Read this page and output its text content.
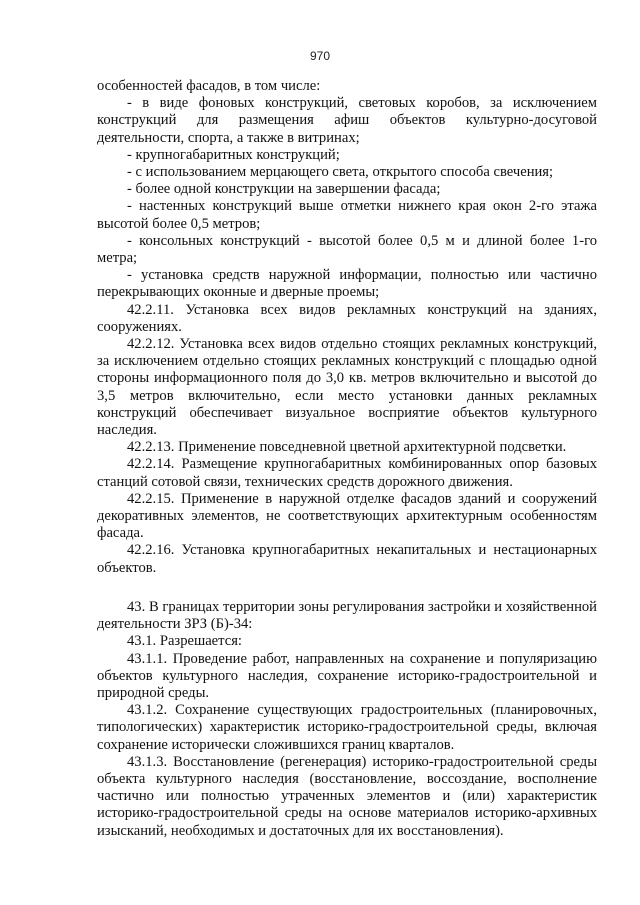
970

особенностей фасадов, в том числе:

- в виде фоновых конструкций, световых коробов, за исключением конструкций для размещения афиш объектов культурно-досуговой деятельности, спорта, а также в витринах;

- крупногабаритных конструкций;

- с использованием мерцающего света, открытого способа свечения;

- более одной конструкции на завершении фасада;

- настенных конструкций выше отметки нижнего края окон 2-го этажа высотой более 0,5 метров;

- консольных конструкций - высотой более 0,5 м и длиной более 1-го метра;

- установка средств наружной информации, полностью или частично перекрывающих оконные и дверные проемы;

42.2.11. Установка всех видов рекламных конструкций на зданиях, сооружениях.

42.2.12. Установка всех видов отдельно стоящих рекламных конструкций, за исключением отдельно стоящих рекламных конструкций с площадью одной стороны информационного поля до 3,0 кв. метров включительно и высотой до 3,5 метров включительно, если место установки данных рекламных конструкций обеспечивает визуальное восприятие объектов культурного наследия.

42.2.13. Применение повседневной цветной архитектурной подсветки.

42.2.14. Размещение крупногабаритных комбинированных опор базовых станций сотовой связи, технических средств дорожного движения.

42.2.15. Применение в наружной отделке фасадов зданий и сооружений декоративных элементов, не соответствующих архитектурным особенностям фасада.

42.2.16. Установка крупногабаритных некапитальных и нестационарных объектов.

43. В границах территории зоны регулирования застройки и хозяйственной деятельности ЗРЗ (Б)-34:

43.1. Разрешается:

43.1.1. Проведение работ, направленных на сохранение и популяризацию объектов культурного наследия, сохранение историко-градостроительной и природной среды.

43.1.2. Сохранение существующих градостроительных (планировочных, типологических) характеристик историко-градостроительной среды, включая сохранение исторически сложившихся границ кварталов.

43.1.3. Восстановление (регенерация) историко-градостроительной среды объекта культурного наследия (восстановление, воссоздание, восполнение частично или полностью утраченных элементов и (или) характеристик историко-градостроительной среды на основе материалов историко-архивных изысканий, необходимых и достаточных для их восстановления).
